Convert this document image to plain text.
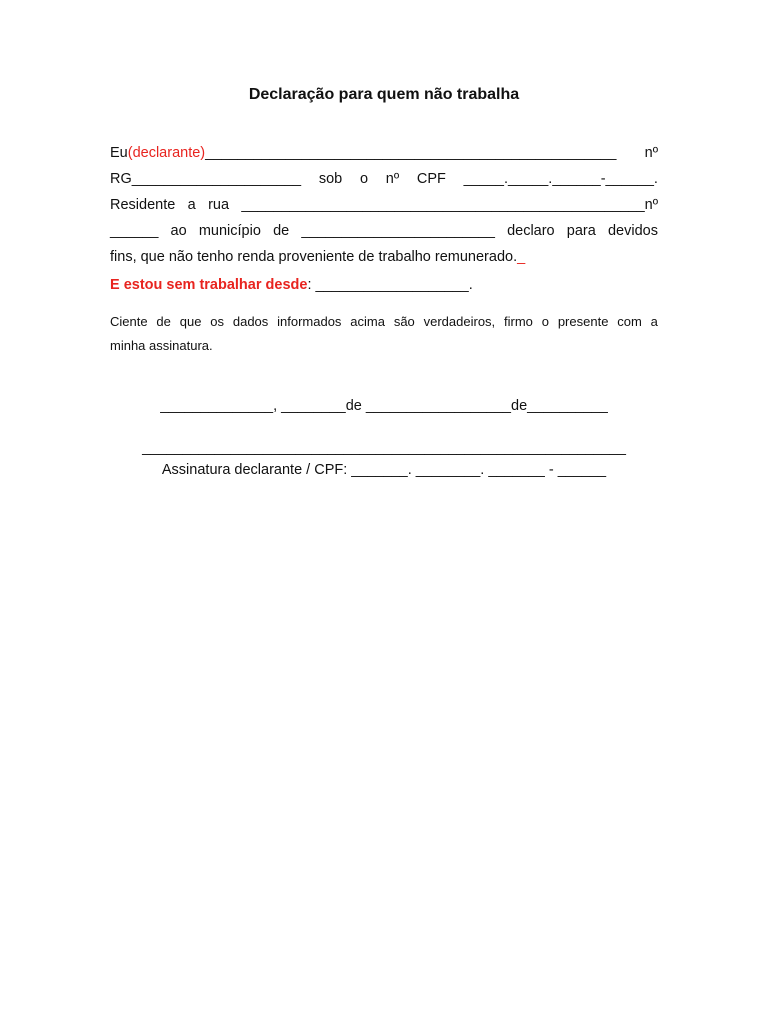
Declaração para quem não trabalha
Eu(declarante)___________________________________________________ nº
RG_____________________ sob o nº CPF _____._____.______-______.
Residente a rua __________________________________________________nº
______ ao município de ________________________ declaro para devidos
fins, que não tenho renda proveniente de trabalho remunerado._
E estou sem trabalhar desde: ___________________.
Ciente de que os dados informados acima são verdadeiros, firmo o presente com a
minha assinatura.
______________, ________de __________________de__________
____________________________________________________________
Assinatura declarante / CPF: _______. ________. _______ - ______
